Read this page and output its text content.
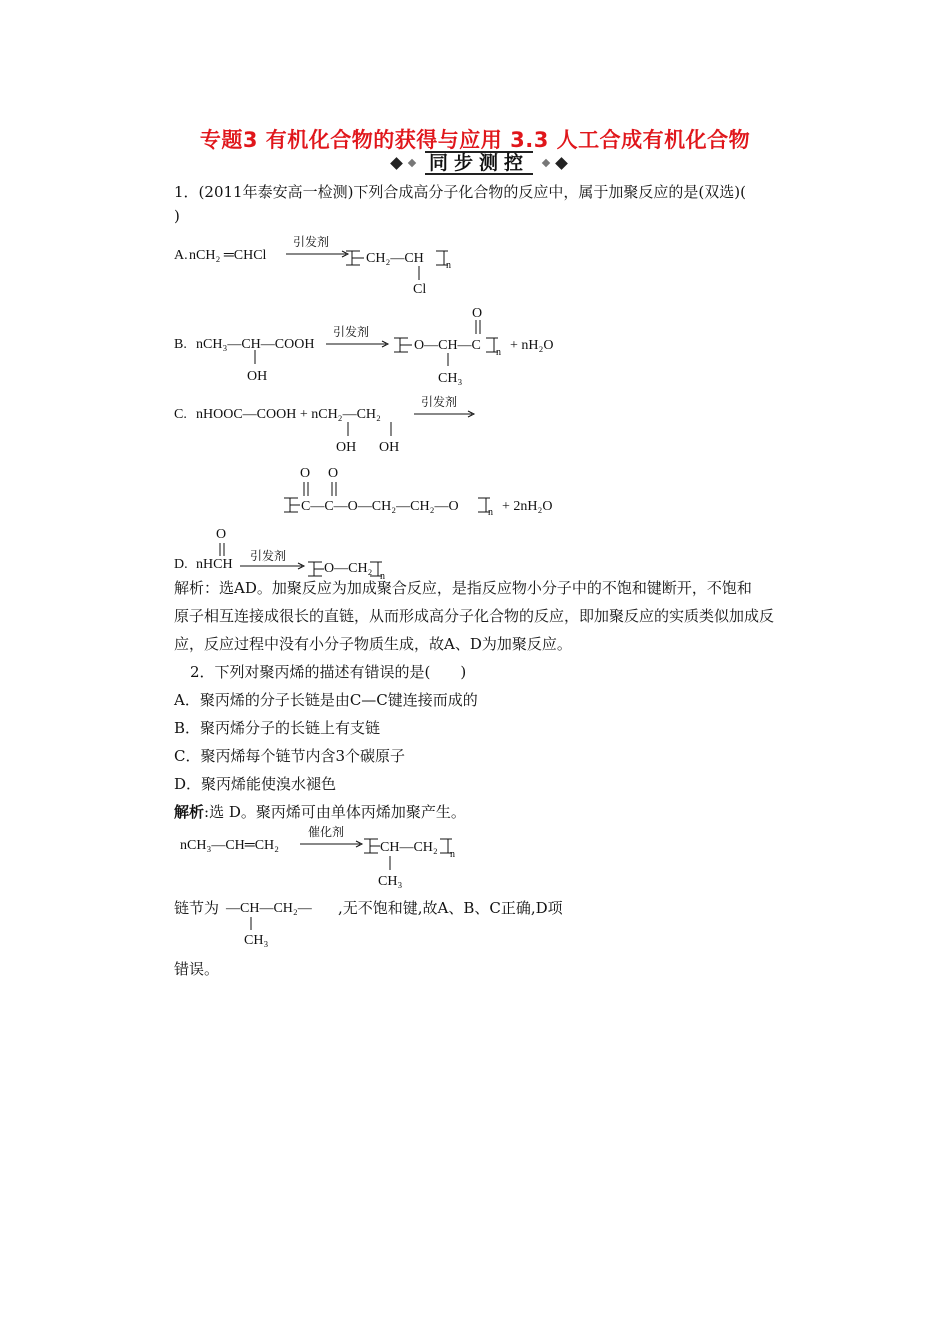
专题3 有机化合物的获得与应用 3.3 人工合成有机化合物
同步测控
1．(2011年泰安高一检测)下列合成高分子化合物的反应中，属于加聚反应的是(双选)(
)
A. nCH₂ ═CHCl
引发剂
CH₂—CH
Cl
n
B. nCH₃—CH—COOH
OH
引发剂
O—CH—C
O
CH₃
n + nH₂O
C. nHOOC—COOH + nCH₂—CH₂
OH OH
引发剂
O O
C—C—O—CH₂—CH₂—O	n + 2nH₂O
D. nHCH
O
引发剂
O—CH₂
n
解析：选AD。加聚反应为加成聚合反应，是指反应物小分子中的不饱和键断开，不饱和
原子相互连接成很长的直链，从而形成高分子化合物的反应，即加聚反应的实质类似加成反
应，反应过程中没有小分子物质生成，故A、D为加聚反应。
2．下列对聚丙烯的描述有错误的是(　　)
A．聚丙烯的分子长链是由C—C键连接而成的
B．聚丙烯分子的长链上有支链
C．聚丙烯每个链节内含3个碳原子
D．聚丙烯能使溴水褪色
解析:选 D。聚丙烯可由单体丙烯加聚产生。
nCH₃—CH═CH₂
催化剂
CH—CH₂
CH₃
n
链节为 —CH—CH₂—
CH₃
,无不饱和键,故A、B、C正确,D项
错误。
